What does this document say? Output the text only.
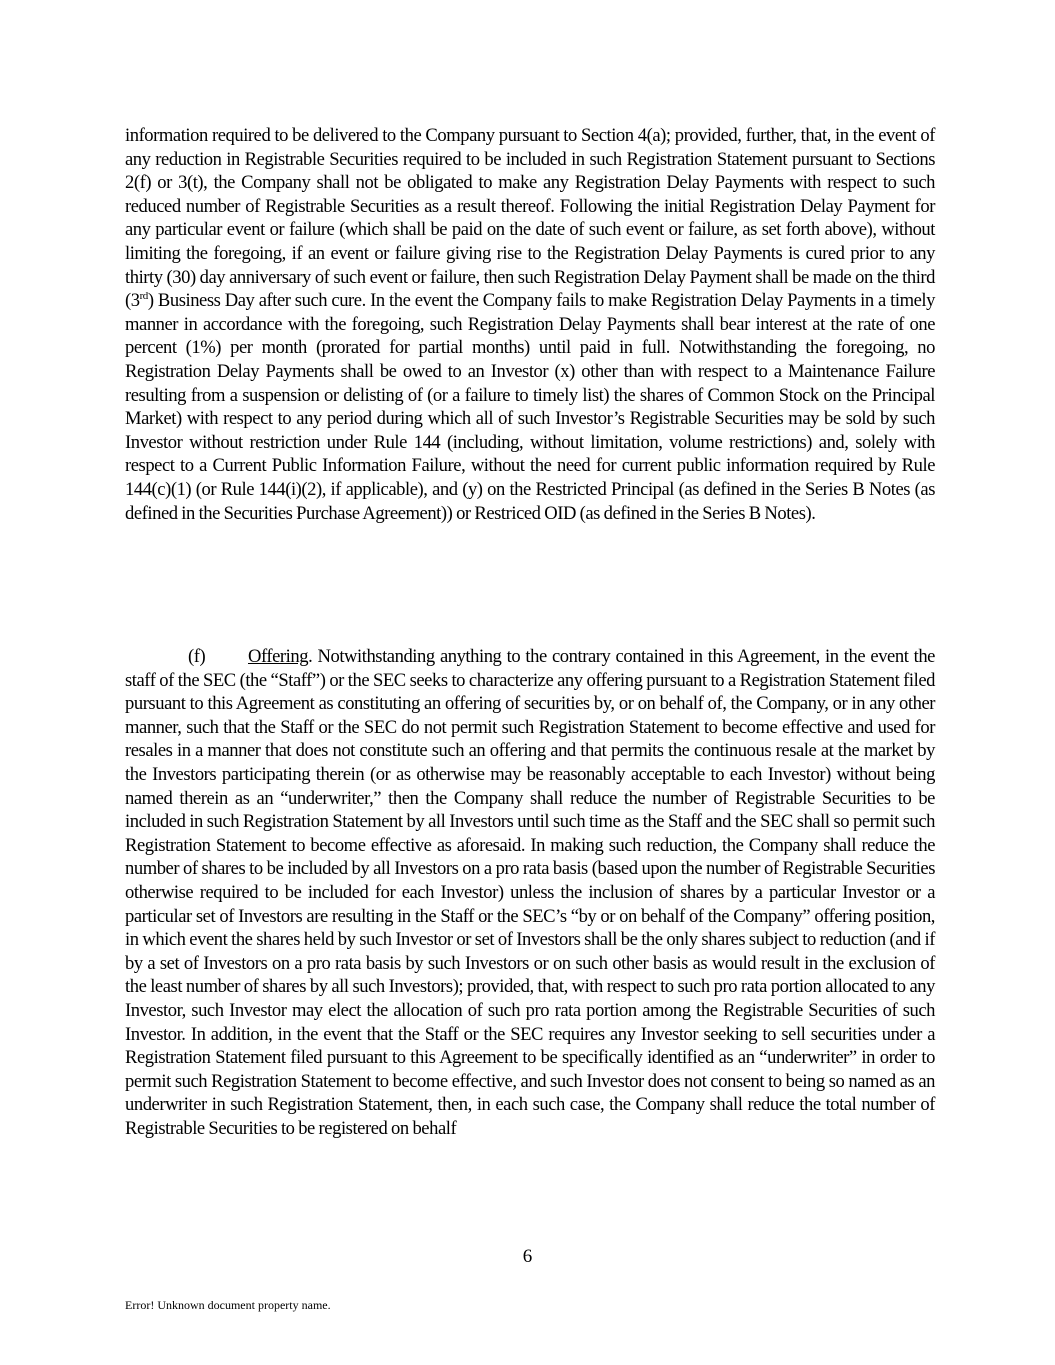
information required to be delivered to the Company pursuant to Section 4(a); provided, further, that, in the event of any reduction in Registrable Securities required to be included in such Registration Statement pursuant to Sections 2(f) or 3(t), the Company shall not be obligated to make any Registration Delay Payments with respect to such reduced number of Registrable Securities as a result thereof. Following the initial Registration Delay Payment for any particular event or failure (which shall be paid on the date of such event or failure, as set forth above), without limiting the foregoing, if an event or failure giving rise to the Registration Delay Payments is cured prior to any thirty (30) day anniversary of such event or failure, then such Registration Delay Payment shall be made on the third (3rd) Business Day after such cure. In the event the Company fails to make Registration Delay Payments in a timely manner in accordance with the foregoing, such Registration Delay Payments shall bear interest at the rate of one percent (1%) per month (prorated for partial months) until paid in full. Notwithstanding the foregoing, no Registration Delay Payments shall be owed to an Investor (x) other than with respect to a Maintenance Failure resulting from a suspension or delisting of (or a failure to timely list) the shares of Common Stock on the Principal Market) with respect to any period during which all of such Investor’s Registrable Securities may be sold by such Investor without restriction under Rule 144 (including, without limitation, volume restrictions) and, solely with respect to a Current Public Information Failure, without the need for current public information required by Rule 144(c)(1) (or Rule 144(i)(2), if applicable), and (y) on the Restricted Principal (as defined in the Series B Notes (as defined in the Securities Purchase Agreement)) or Restriced OID (as defined in the Series B Notes).

(f) Offering. Notwithstanding anything to the contrary contained in this Agreement, in the event the staff of the SEC (the “Staff”) or the SEC seeks to characterize any offering pursuant to a Registration Statement filed pursuant to this Agreement as constituting an offering of securities by, or on behalf of, the Company, or in any other manner, such that the Staff or the SEC do not permit such Registration Statement to become effective and used for resales in a manner that does not constitute such an offering and that permits the continuous resale at the market by the Investors participating therein (or as otherwise may be reasonably acceptable to each Investor) without being named therein as an “underwriter,” then the Company shall reduce the number of Registrable Securities to be included in such Registration Statement by all Investors until such time as the Staff and the SEC shall so permit such Registration Statement to become effective as aforesaid. In making such reduction, the Company shall reduce the number of shares to be included by all Investors on a pro rata basis (based upon the number of Registrable Securities otherwise required to be included for each Investor) unless the inclusion of shares by a particular Investor or a particular set of Investors are resulting in the Staff or the SEC’s “by or on behalf of the Company” offering position, in which event the shares held by such Investor or set of Investors shall be the only shares subject to reduction (and if by a set of Investors on a pro rata basis by such Investors or on such other basis as would result in the exclusion of the least number of shares by all such Investors); provided, that, with respect to such pro rata portion allocated to any Investor, such Investor may elect the allocation of such pro rata portion among the Registrable Securities of such Investor. In addition, in the event that the Staff or the SEC requires any Investor seeking to sell securities under a Registration Statement filed pursuant to this Agreement to be specifically identified as an “underwriter” in order to permit such Registration Statement to become effective, and such Investor does not consent to being so named as an underwriter in such Registration Statement, then, in each such case, the Company shall reduce the total number of Registrable Securities to be registered on behalf

6
Error! Unknown document property name.
